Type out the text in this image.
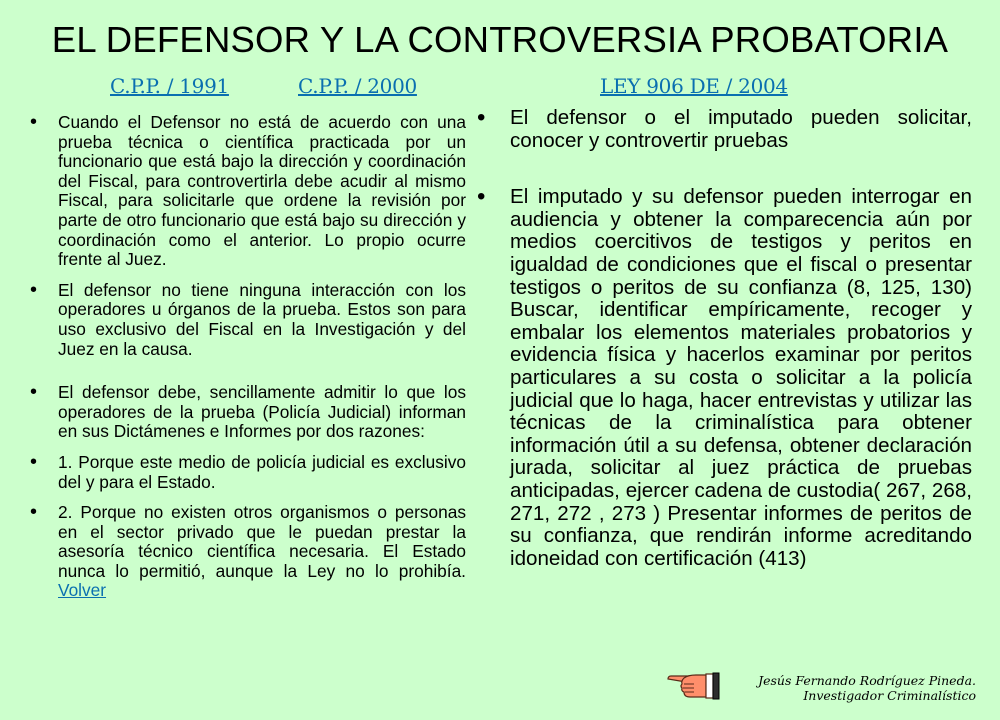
EL DEFENSOR Y LA CONTROVERSIA PROBATORIA
C.P.P. / 1991	C.P.P. / 2000	LEY 906 DE / 2004
• Cuando el Defensor no está de acuerdo con una prueba técnica o científica practicada por un funcionario que está bajo la dirección y coordinación del Fiscal, para controvertirla debe acudir al mismo Fiscal, para solicitarle que ordene la revisión por parte de otro funcionario que está bajo su dirección y coordinación como el anterior. Lo propio ocurre frente al Juez.
• El defensor no tiene ninguna interacción con los operadores u órganos de la prueba. Estos son para uso exclusivo del Fiscal en la Investigación y del Juez en la causa.
• El defensor debe, sencillamente admitir lo que los operadores de la prueba (Policía Judicial) informan en sus Dictámenes e Informes por dos razones:
• 1. Porque este medio de policía judicial es exclusivo del y para el Estado.
• 2. Porque no existen otros organismos o personas en el sector privado que le puedan prestar la asesoría técnico científica necesaria. El Estado nunca lo permitió, aunque la Ley no lo prohibía. Volver
• El defensor o el imputado pueden solicitar, conocer y controvertir pruebas
• El imputado y su defensor pueden interrogar en audiencia y obtener la comparecencia aún por medios coercitivos de testigos y peritos en igualdad de condiciones que el fiscal o presentar testigos o peritos de su confianza (8, 125, 130) Buscar, identificar empíricamente, recoger y embalar los elementos materiales probatorios y evidencia física y hacerlos examinar por peritos particulares a su costa o solicitar a la policía judicial que lo haga, hacer entrevistas y utilizar las técnicas de la criminalística para obtener información útil a su defensa, obtener declaración jurada, solicitar al juez práctica de pruebas anticipadas, ejercer cadena de custodia( 267, 268, 271, 272 , 273 ) Presentar informes de peritos de su confianza, que rendirán informe acreditando idoneidad con certificación (413)
Jesús Fernando Rodríguez Pineda.
Investigador Criminalístico
